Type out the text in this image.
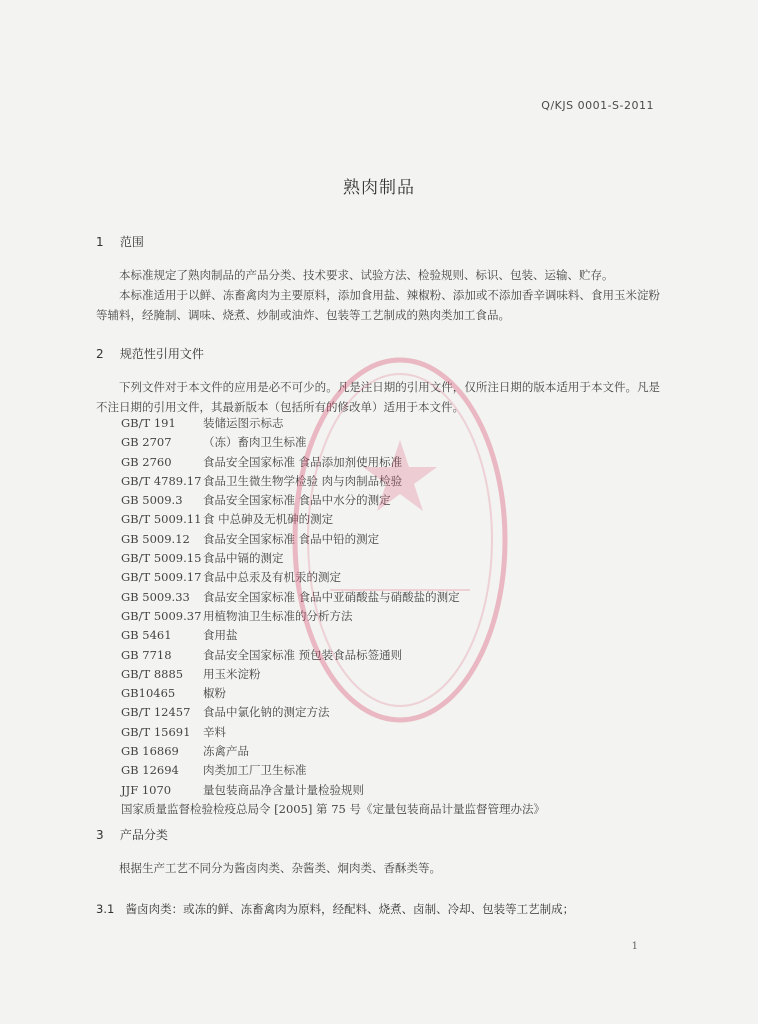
Q/KJS 0001-S-2011
熟肉制品
1 范围
本标准规定了熟肉制品的产品分类、技术要求、试验方法、检验规则、标识、包装、运输、贮存。
本标准适用于以鲜、冻畜禽肉为主要原料，添加食用盐、辣椒粉、添加或不添加香辛调味料、食用玉米淀粉等辅料，经腌制、调味、烧煮、炒制或油炸、包装等工艺制成的熟肉类加工食品。
2 规范性引用文件
下列文件对于本文件的应用是必不可少的。凡是注日期的引用文件，仅所注日期的版本适用于本文件。凡是不注日期的引用文件，其最新版本（包括所有的修改单）适用于本文件。
GB/T 191 装储运图示标志
GB 2707	（冻）畜肉卫生标准
GB 2760	食品安全国家标准 食品添加剂使用标准
GB/T 4789.17 食品卫生微生物学检验 肉与肉制品检验
GB 5009.3 食品安全国家标准 食品中水分的测定
GB/T 5009.11 食 中总砷及无机砷的测定
GB 5009.12 食品安全国家标准 食品中铅的测定
GB/T 5009.15 食品中镉的测定
GB/T 5009.17 食品中总汞及有机汞的测定
GB 5009.33 食品安全国家标准 食品中亚硝酸盐与硝酸盐的测定
GB/T 5009.37 用植物油卫生标准的分析方法
GB 5461	食用盐
GB 7718	食品安全国家标准 预包装食品标签通则
GB/T 8885 用玉米淀粉
GB10465 椒粉
GB/T 12457 食品中氯化钠的测定方法
GB/T 15691 辛料
GB 16869 冻禽产品
GB 12694 肉类加工厂卫生标准
JJF 1070	量包装商品净含量计量检验规则
国家质量监督检验检疫总局令 [2005] 第 75 号《定量包装商品计量监督管理办法》
3 产品分类
根据生产工艺不同分为酱卤肉类、杂酱类、炯肉类、香酥类等。
3.1 酱卤肉类：或冻的鲜、冻畜禽肉为原料，经配料、烧煮、卤制、冷却、包装等工艺制成；
1
